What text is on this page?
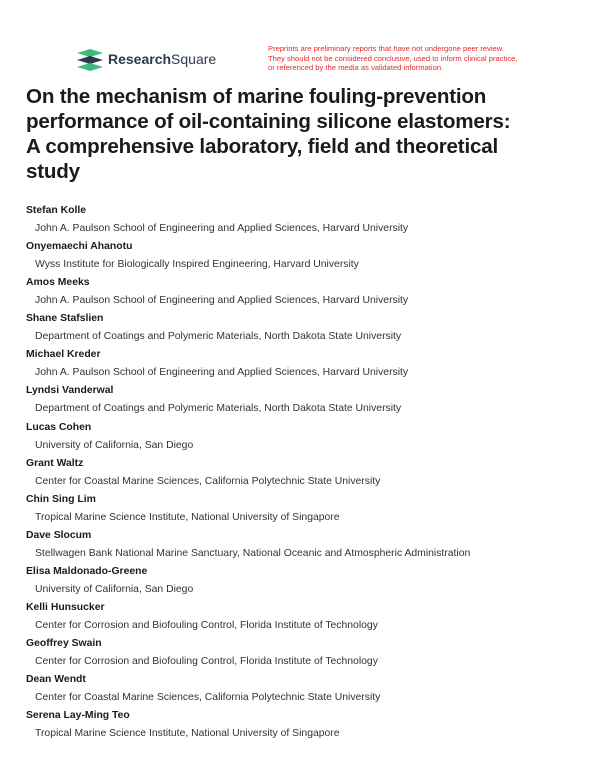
ResearchSquare
Preprints are preliminary reports that have not undergone peer review.
They should not be considered conclusive, used to inform clinical practice,
or referenced by the media as validated information.
On the mechanism of marine fouling-prevention
performance of oil-containing silicone elastomers:
A comprehensive laboratory, field and theoretical
study
Stefan Kolle
John A. Paulson School of Engineering and Applied Sciences, Harvard University
Onyemaechi Ahanotu
Wyss Institute for Biologically Inspired Engineering, Harvard University
Amos Meeks
John A. Paulson School of Engineering and Applied Sciences, Harvard University
Shane Stafslien
Department of Coatings and Polymeric Materials, North Dakota State University
Michael Kreder
John A. Paulson School of Engineering and Applied Sciences, Harvard University
Lyndsi Vanderwal
Department of Coatings and Polymeric Materials, North Dakota State University
Lucas Cohen
University of California, San Diego
Grant Waltz
Center for Coastal Marine Sciences, California Polytechnic State University
Chin Sing Lim
Tropical Marine Science Institute, National University of Singapore
Dave Slocum
Stellwagen Bank National Marine Sanctuary, National Oceanic and Atmospheric Administration
Elisa Maldonado-Greene
University of California, San Diego
Kelli Hunsucker
Center for Corrosion and Biofouling Control, Florida Institute of Technology
Geoffrey Swain
Center for Corrosion and Biofouling Control, Florida Institute of Technology
Dean Wendt
Center for Coastal Marine Sciences, California Polytechnic State University
Serena Lay-Ming Teo
Tropical Marine Science Institute, National University of Singapore
